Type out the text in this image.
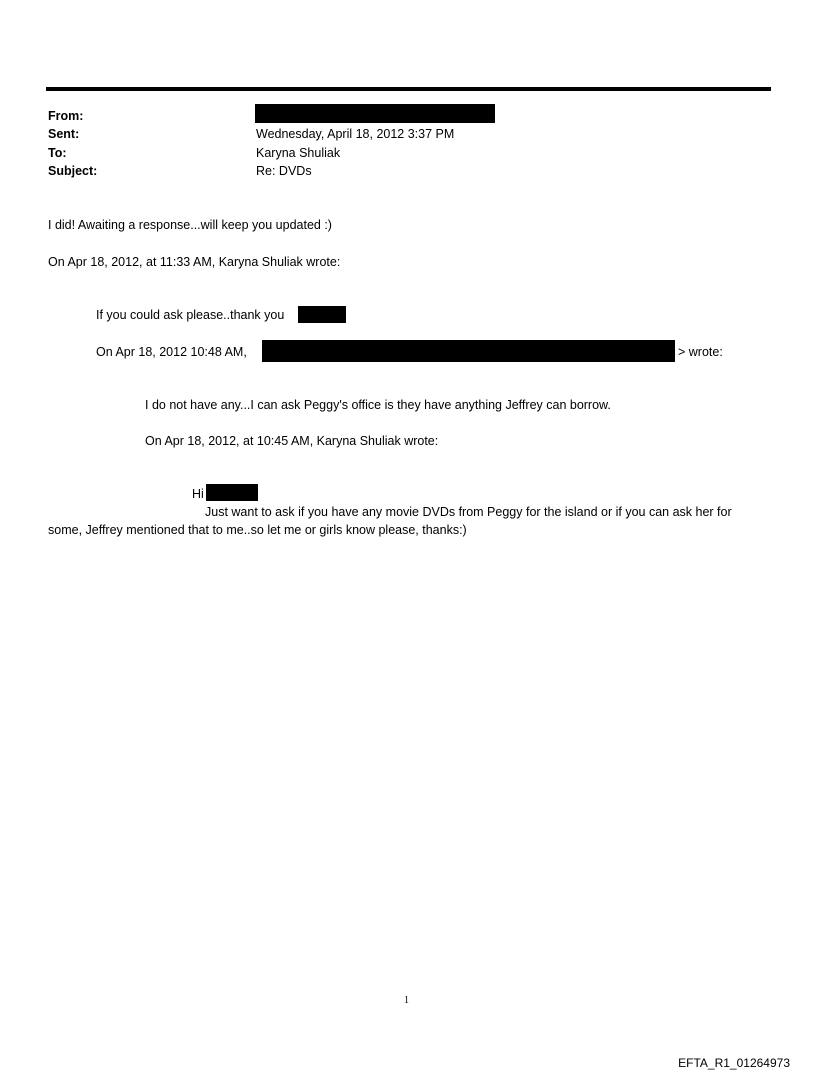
From:
Sent:	Wednesday, April 18, 2012 3:37 PM
To:	Karyna Shuliak
Subject:	Re: DVDs
I did! Awaiting a response...will keep you updated :)
On Apr 18, 2012, at 11:33 AM, Karyna Shuliak wrote:
If you could ask please..thank you
On Apr 18, 2012 10:48 AM,	> wrote:
I do not have any...I can ask Peggy's office is they have anything Jeffrey can borrow.
On Apr 18, 2012, at 10:45 AM, Karyna Shuliak wrote:
Hi
Just want to ask if you have any movie DVDs from Peggy for the island or if you can ask her for
some, Jeffrey mentioned that to me..so let me or girls know please, thanks:)
1
EFTA_R1_01264973
